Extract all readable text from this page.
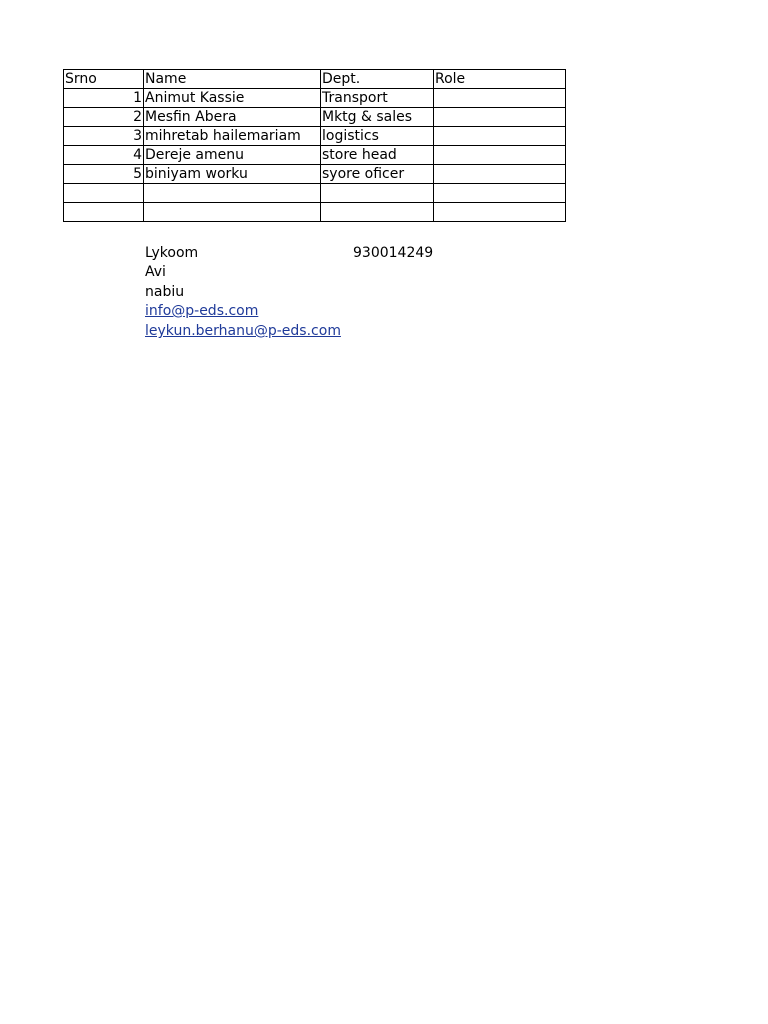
Srno	Name	Dept.	Role
1	Animut Kassie	Transport	
2	Mesfin Abera	Mktg & sales	
3	mihretab hailemariam	logistics	
4	Dereje amenu	store head	
5	biniyam worku	syore oficer	

Lykoom	930014249
Avi
nabiu
info@p-eds.com
leykun.berhanu@p-eds.com
